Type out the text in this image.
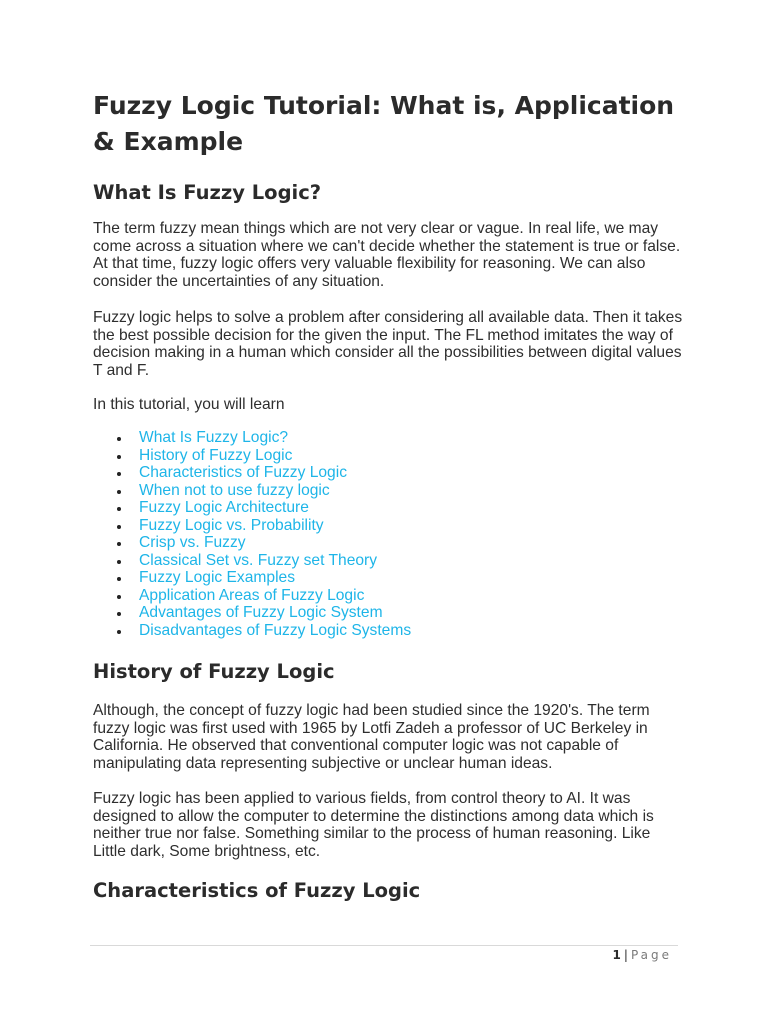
Fuzzy Logic Tutorial: What is, Application & Example
What Is Fuzzy Logic?

The term fuzzy mean things which are not very clear or vague. In real life, we may come across a situation where we can't decide whether the statement is true or false. At that time, fuzzy logic offers very valuable flexibility for reasoning. We can also consider the uncertainties of any situation.

Fuzzy logic helps to solve a problem after considering all available data. Then it takes the best possible decision for the given the input. The FL method imitates the way of decision making in a human which consider all the possibilities between digital values T and F.

In this tutorial, you will learn

What Is Fuzzy Logic?
History of Fuzzy Logic
Characteristics of Fuzzy Logic
When not to use fuzzy logic
Fuzzy Logic Architecture
Fuzzy Logic vs. Probability
Crisp vs. Fuzzy
Classical Set vs. Fuzzy set Theory
Fuzzy Logic Examples
Application Areas of Fuzzy Logic
Advantages of Fuzzy Logic System
Disadvantages of Fuzzy Logic Systems
History of Fuzzy Logic

Although, the concept of fuzzy logic had been studied since the 1920's. The term fuzzy logic was first used with 1965 by Lotfi Zadeh a professor of UC Berkeley in California. He observed that conventional computer logic was not capable of manipulating data representing subjective or unclear human ideas.

Fuzzy logic has been applied to various fields, from control theory to AI. It was designed to allow the computer to determine the distinctions among data which is neither true nor false. Something similar to the process of human reasoning. Like Little dark, Some brightness, etc.

Characteristics of Fuzzy Logic
1 | Page
